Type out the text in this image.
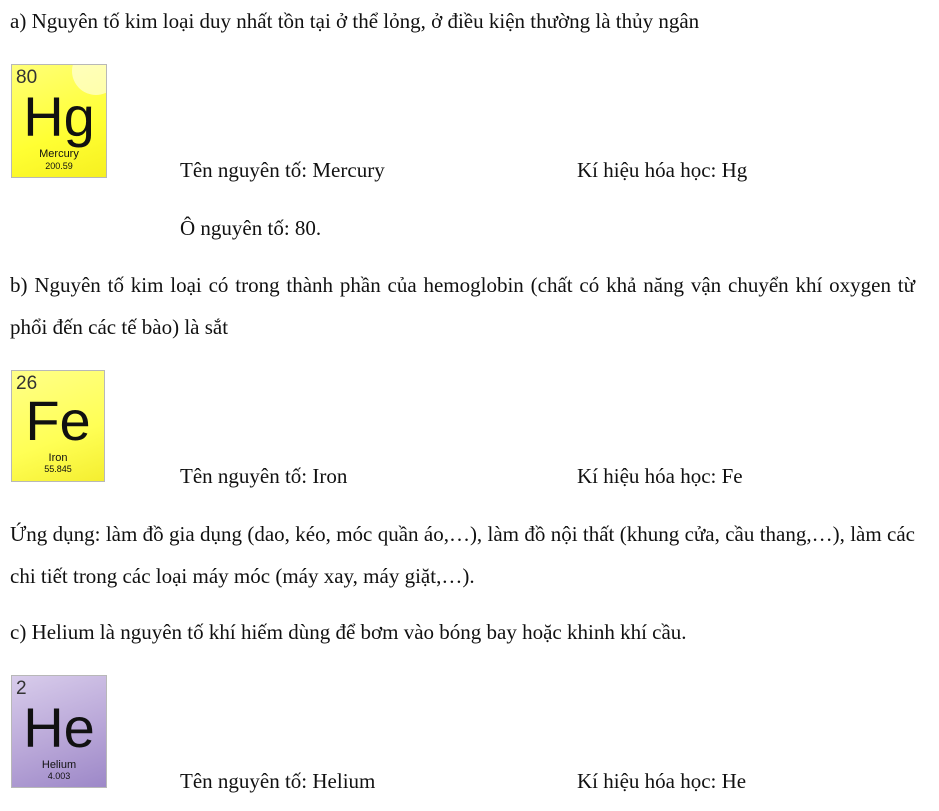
a) Nguyên tố kim loại duy nhất tồn tại ở thể lỏng, ở điều kiện thường là thủy ngân
80
Hg
Mercury
200.59	Tên nguyên tố: Mercury	Kí hiệu hóa học: Hg
Ô nguyên tố: 80.
b) Nguyên tố kim loại có trong thành phần của hemoglobin (chất có khả năng vận chuyển khí oxygen từ phổi đến các tế bào) là sắt
26
Fe
Iron
55.845	Tên nguyên tố: Iron	Kí hiệu hóa học: Fe
Ứng dụng: làm đồ gia dụng (dao, kéo, móc quần áo,…), làm đồ nội thất (khung cửa, cầu thang,…), làm các chi tiết trong các loại máy móc (máy xay, máy giặt,…).
c) Helium là nguyên tố khí hiếm dùng để bơm vào bóng bay hoặc khinh khí cầu.
2
He
Helium
4.003	Tên nguyên tố: Helium	Kí hiệu hóa học: He
